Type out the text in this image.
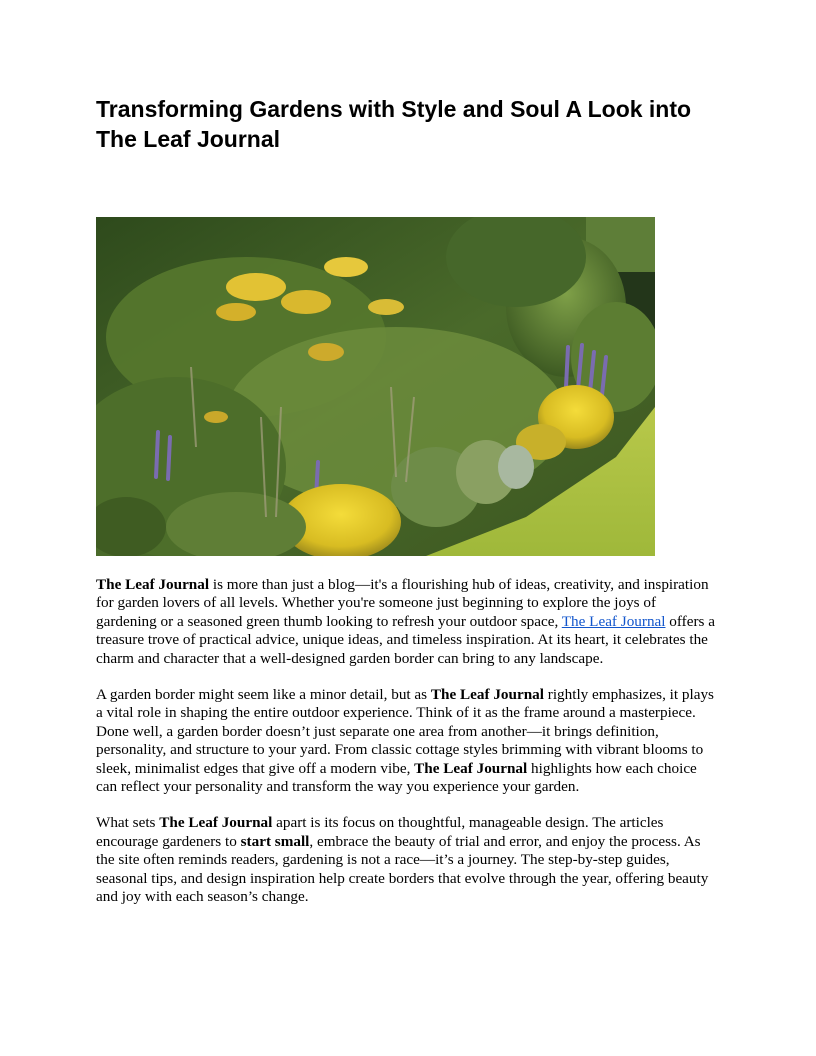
Transforming Gardens with Style and Soul A Look into The Leaf Journal

The Leaf Journal is more than just a blog—it's a flourishing hub of ideas, creativity, and inspiration for garden lovers of all levels. Whether you're someone just beginning to explore the joys of gardening or a seasoned green thumb looking to refresh your outdoor space, The Leaf Journal offers a treasure trove of practical advice, unique ideas, and timeless inspiration. At its heart, it celebrates the charm and character that a well-designed garden border can bring to any landscape.

A garden border might seem like a minor detail, but as The Leaf Journal rightly emphasizes, it plays a vital role in shaping the entire outdoor experience. Think of it as the frame around a masterpiece. Done well, a garden border doesn’t just separate one area from another—it brings definition, personality, and structure to your yard. From classic cottage styles brimming with vibrant blooms to sleek, minimalist edges that give off a modern vibe, The Leaf Journal highlights how each choice can reflect your personality and transform the way you experience your garden.

What sets The Leaf Journal apart is its focus on thoughtful, manageable design. The articles encourage gardeners to start small, embrace the beauty of trial and error, and enjoy the process. As the site often reminds readers, gardening is not a race—it’s a journey. The step-by-step guides, seasonal tips, and design inspiration help create borders that evolve through the year, offering beauty and joy with each season’s change.
